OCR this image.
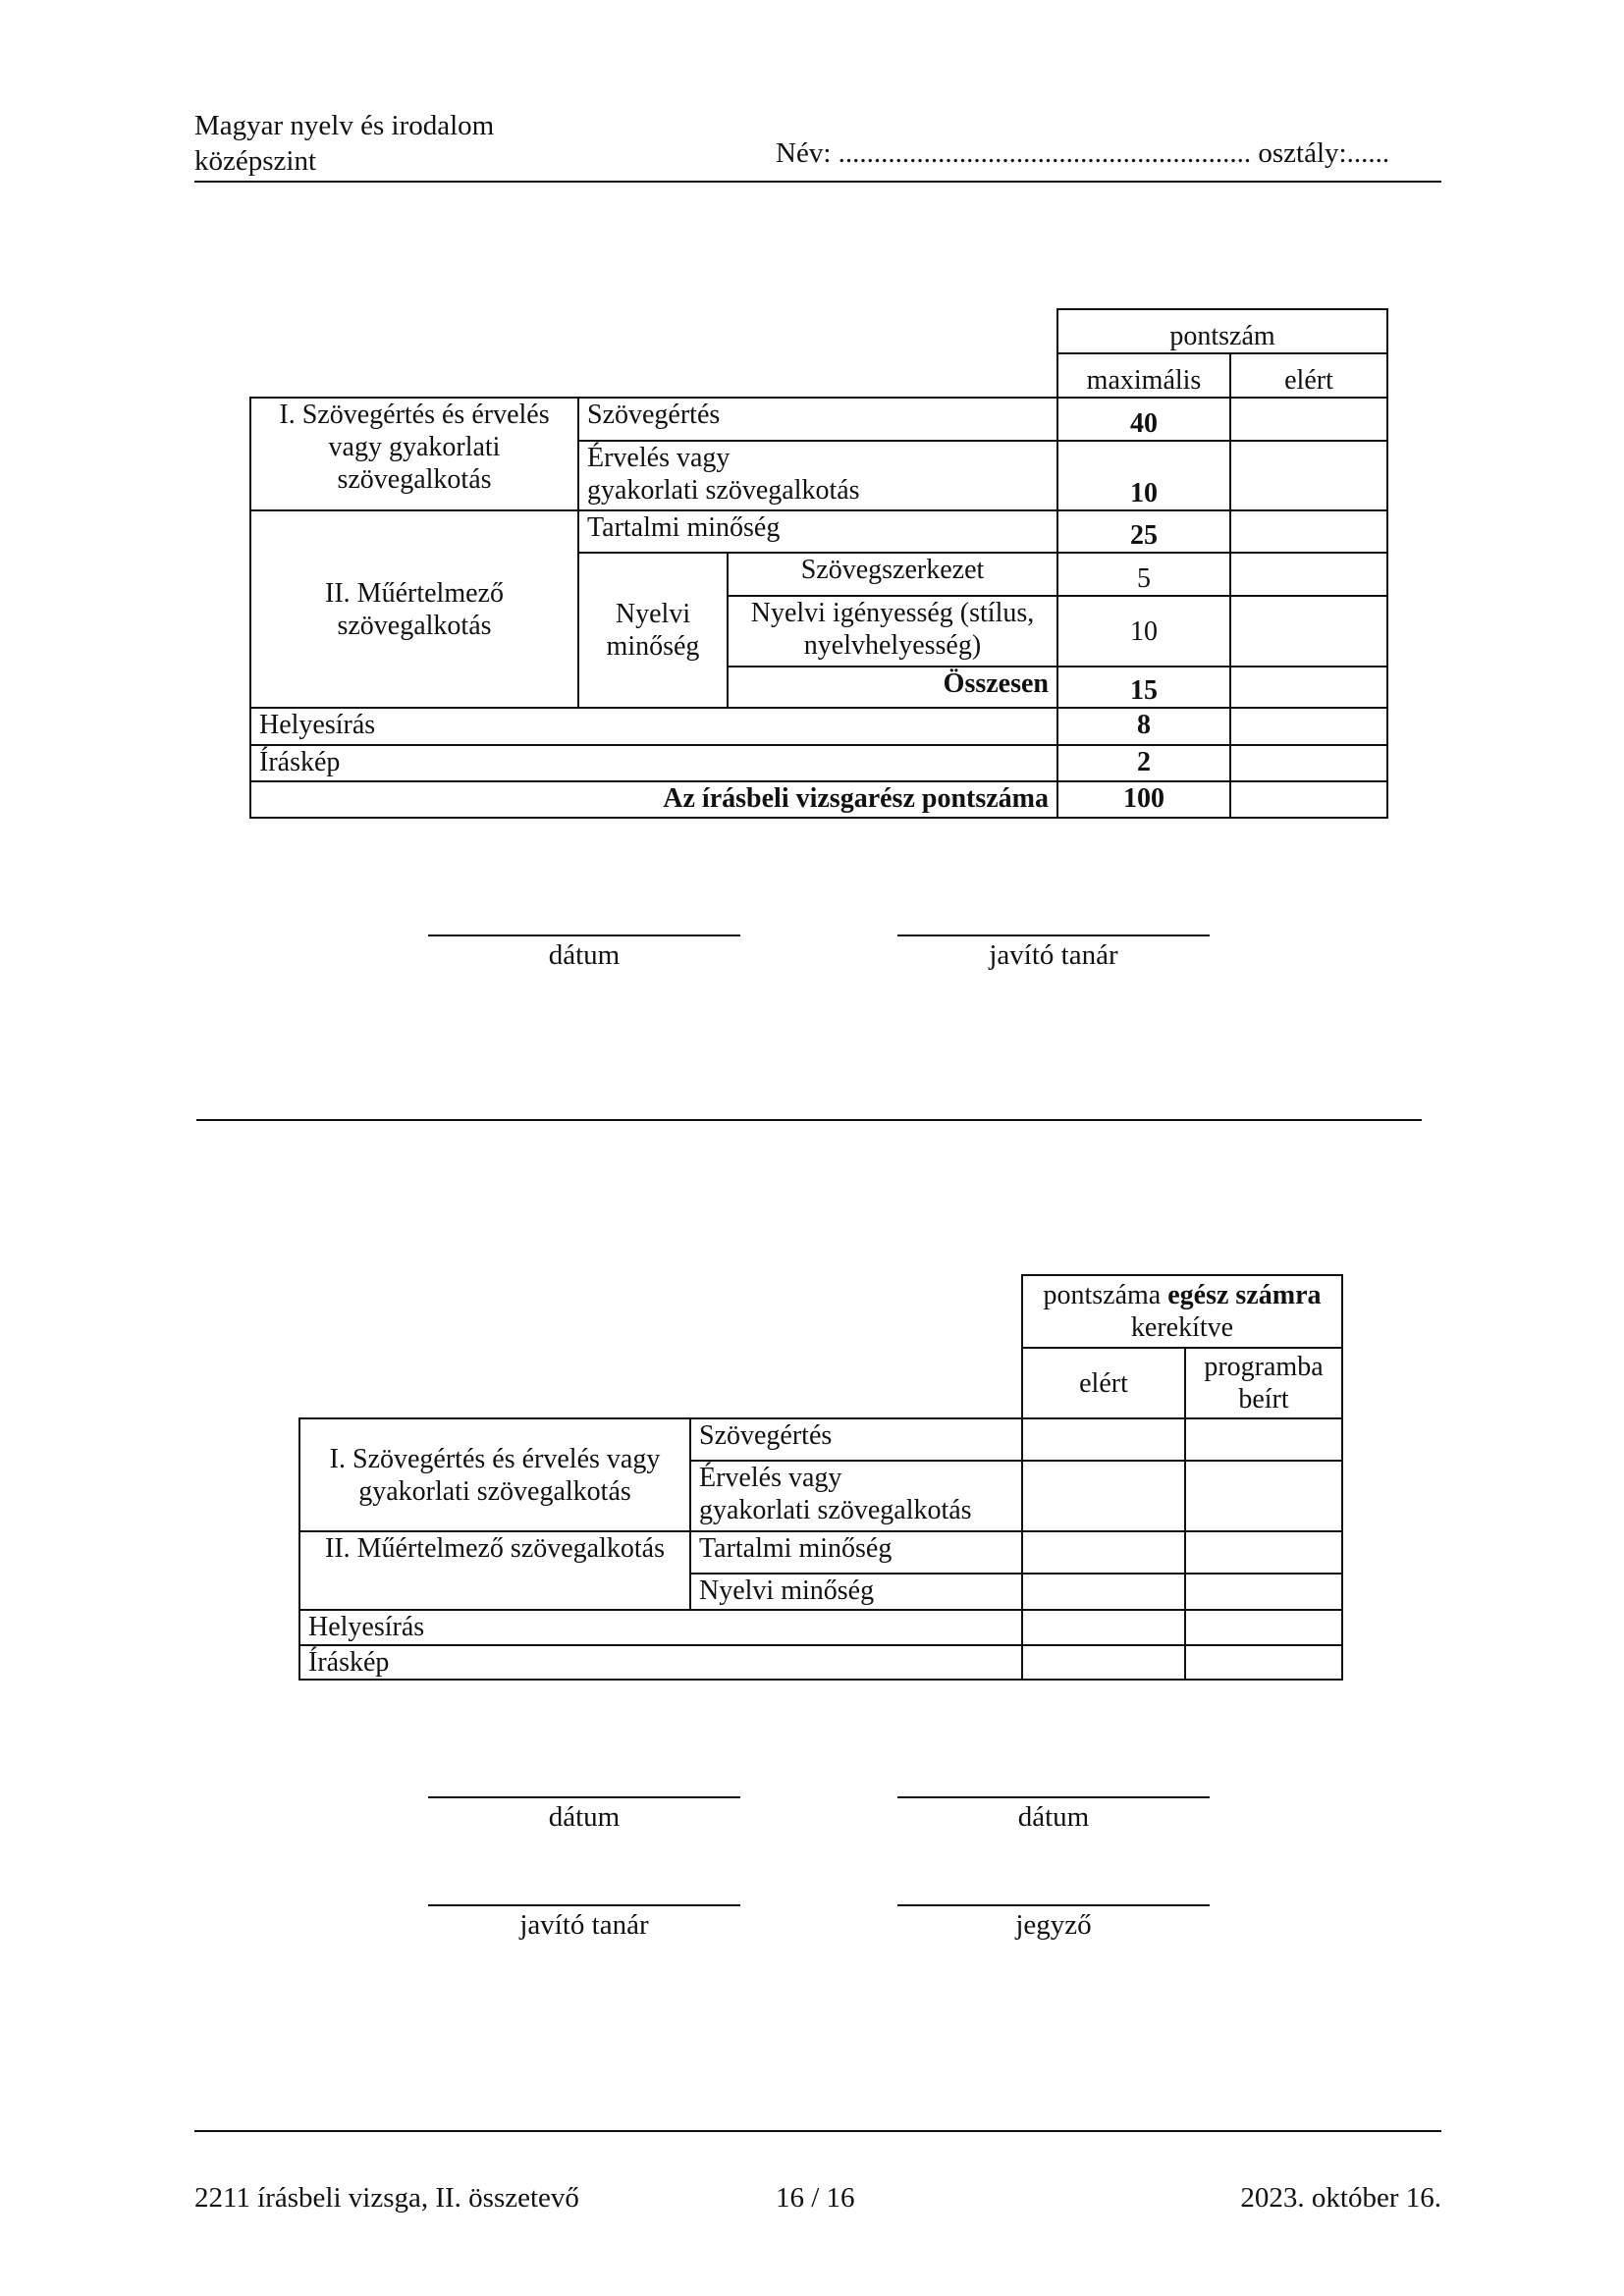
Magyar nyelv és irodalom
középszint	Név: .......................................................... osztály:......
			pontszám	
			maximális	elért
I. Szövegértés és érvelés vagy gyakorlati szövegalkotás	Szövegértés		40	

	Érvelés vagy
gyakorlati szövegalkotás		10	
II. Műértelmező szövegalkotás	Tartalmi minőség		25	
	Nyelvi minőség	Szövegszerkezet	5	
		Nyelvi igényesség (stílus, nyelvhelyesség)	10	
		Összesen	15	
Helyesírás			8	
Íráskép			2	
Az írásbeli vizsgarész pontszáma			100	
dátum	javító tanár
		pontszáma egész számra kerekítve	
		elért	programba beírt
I. Szövegértés és érvelés vagy gyakorlati szövegalkotás	Szövegértés		

	Érvelés vagy
gyakorlati szövegalkotás		

II. Műértelmező szövegalkotás	Tartalmi minőség		
	Nyelvi minőség		
Helyesírás			
Íráskép			
dátum	dátum
javító tanár	jegyző
2211 írásbeli vizsga, II. összetevő	16 / 16	2023. október 16.
